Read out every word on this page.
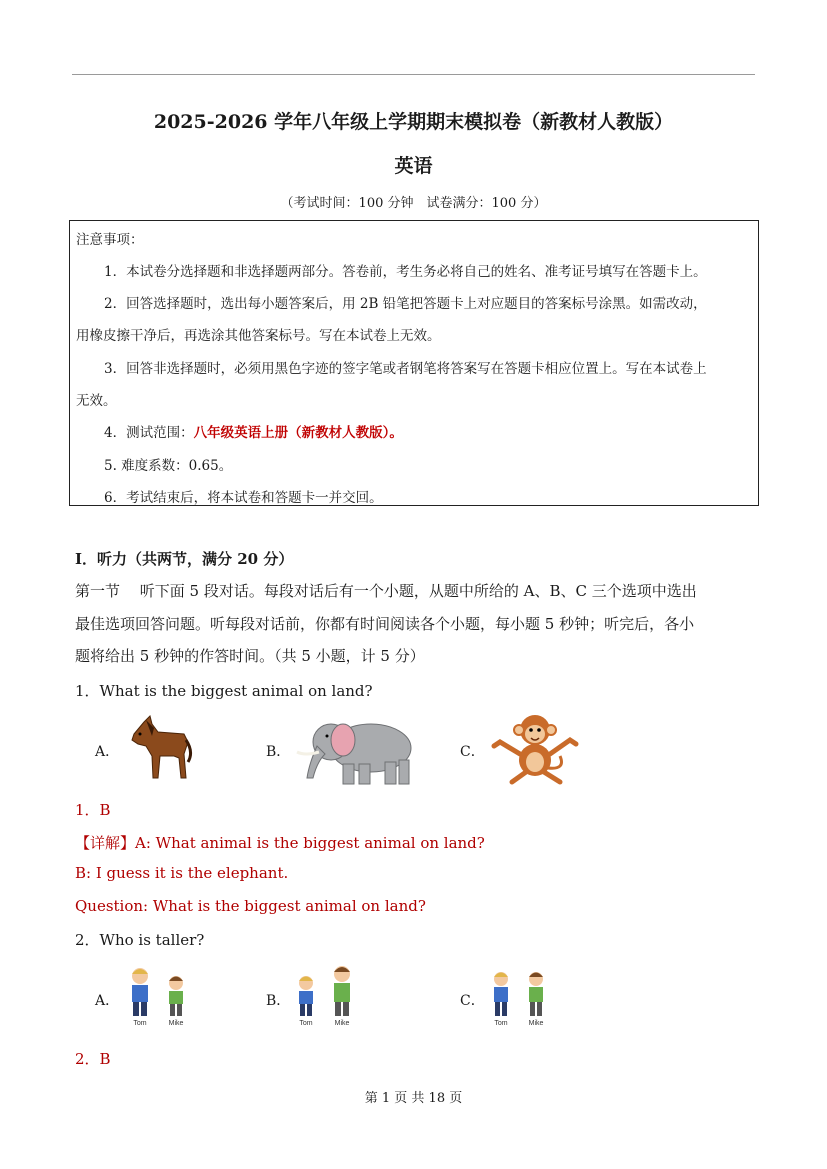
2025-2026 学年八年级上学期期末模拟卷（新教材人教版）
英语
（考试时间：100 分钟　试卷满分：100 分）
注意事项：
1．本试卷分选择题和非选择题两部分。答卷前，考生务必将自己的姓名、准考证号填写在答题卡上。
2．回答选择题时，选出每小题答案后，用 2B 铅笔把答题卡上对应题目的答案标号涂黑。如需改动，
用橡皮擦干净后，再选涂其他答案标号。写在本试卷上无效。
3．回答非选择题时，必须用黑色字迹的签字笔或者钢笔将答案写在答题卡相应位置上。写在本试卷上
无效。
4．测试范围：八年级英语上册（新教材人教版）。
5. 难度系数：0.65。
6．考试结束后，将本试卷和答题卡一并交回。
I．听力（共两节，满分 20 分）
第一节　 听下面 5 段对话。每段对话后有一个小题，从题中所给的 A、B、C 三个选项中选出
最佳选项回答问题。听每段对话前，你都有时间阅读各个小题，每小题 5 秒钟；听完后，各小
题将给出 5 秒钟的作答时间。（共 5 小题，计 5 分）
1．What is the biggest animal on land?
A．	B．	C．
1．B
【详解】A: What animal is the biggest animal on land?
B: I guess it is the elephant.
Question: What is the biggest animal on land?
2．Who is taller?
A．
Tom	Mike
B．
Tom	Mike
C．
Tom	Mike
2．B
第 1 页 共 18 页
